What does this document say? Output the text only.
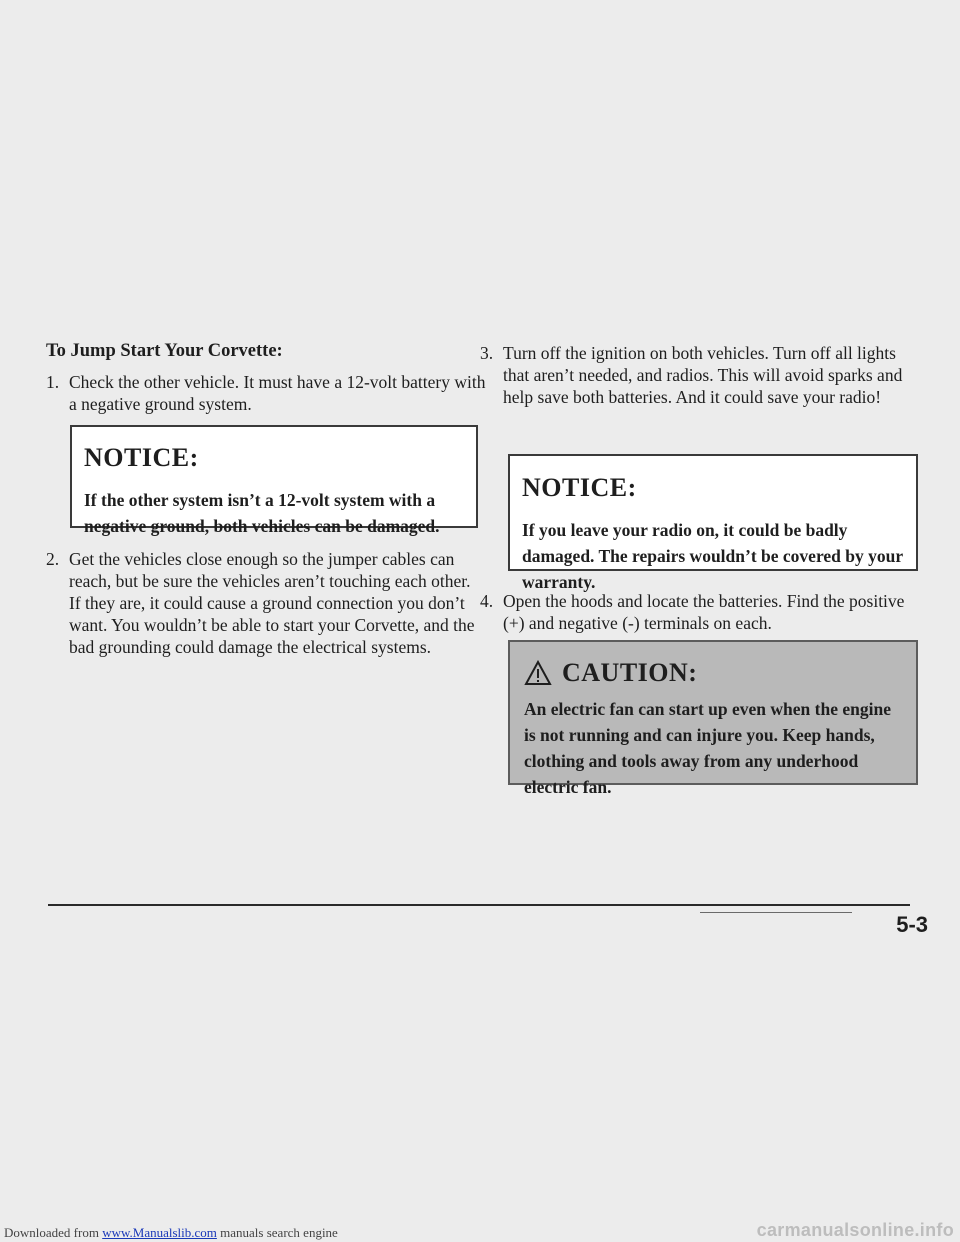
To Jump Start Your Corvette:
1. Check the other vehicle. It must have a 12-volt battery with a negative ground system.
NOTICE:
If the other system isn’t a 12-volt system with a negative ground, both vehicles can be damaged.
2. Get the vehicles close enough so the jumper cables can reach, but be sure the vehicles aren’t touching each other. If they are, it could cause a ground connection you don’t want. You wouldn’t be able to start your Corvette, and the bad grounding could damage the electrical systems.
3. Turn off the ignition on both vehicles. Turn off all lights that aren’t needed, and radios. This will avoid sparks and help save both batteries. And it could save your radio!
NOTICE:
If you leave your radio on, it could be badly damaged. The repairs wouldn’t be covered by your warranty.
4. Open the hoods and locate the batteries. Find the positive (+) and negative (-) terminals on each.
CAUTION:
An electric fan can start up even when the engine is not running and can injure you. Keep hands, clothing and tools away from any underhood electric fan.
5-3
Downloaded from www.Manualslib.com manuals search engine	carmanualsonline.info
